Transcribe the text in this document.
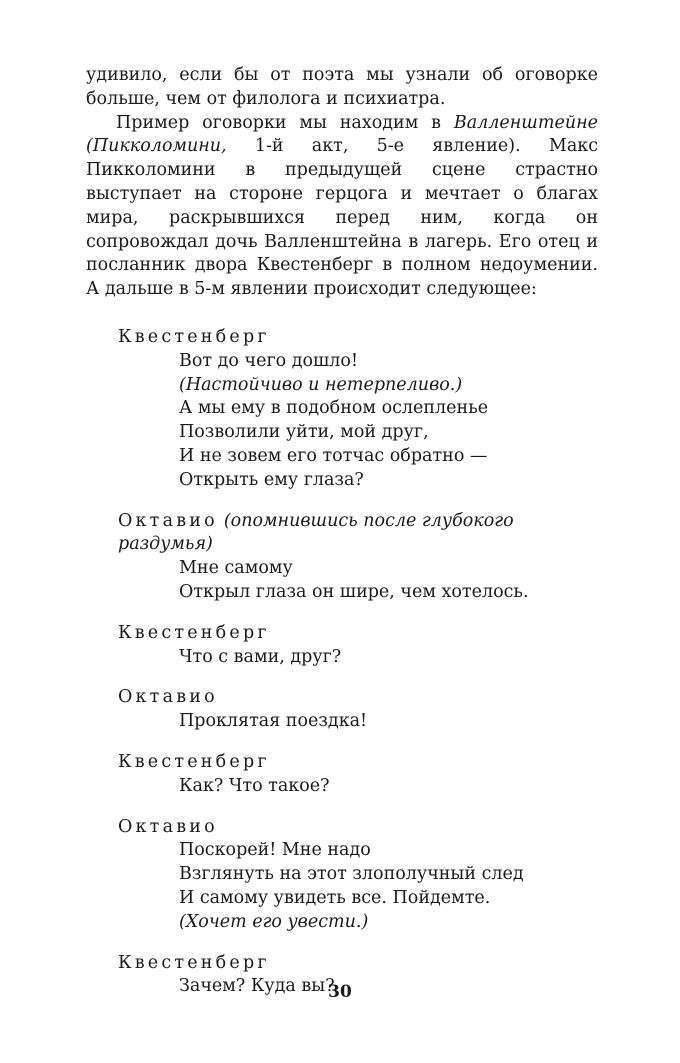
удивило, если бы от поэта мы узнали об оговорке больше, чем от филолога и психиатра.

Пример оговорки мы находим в Валленштейне (Пикколомини, 1-й акт, 5-е явление). Макс Пикколомини в предыдущей сцене страстно выступает на стороне герцога и мечтает о благах мира, раскрывшихся перед ним, когда он сопровождал дочь Валленштейна в лагерь. Его отец и посланник двора Квестенберг в полном недоумении. А дальше в 5-м явлении происходит следующее:

Квестенберг
Вот до чего дошло!
(Настойчиво и нетерпеливо.)
А мы ему в подобном ослепленье
Позволили уйти, мой друг,
И не зовем его тотчас обратно —
Открыть ему глаза?
Октавио (опомнившись после глубокого раздумья)
Мне самому
Открыл глаза он шире, чем хотелось.
Квестенберг
Что с вами, друг?
Октавио
Проклятая поездка!
Квестенберг
Как? Что такое?
Октавио
Поскорей! Мне надо
Взглянуть на этот злополучный след
И самому увидеть все. Пойдемте.
(Хочет его увести.)
Квестенберг
Зачем? Куда вы?
30
